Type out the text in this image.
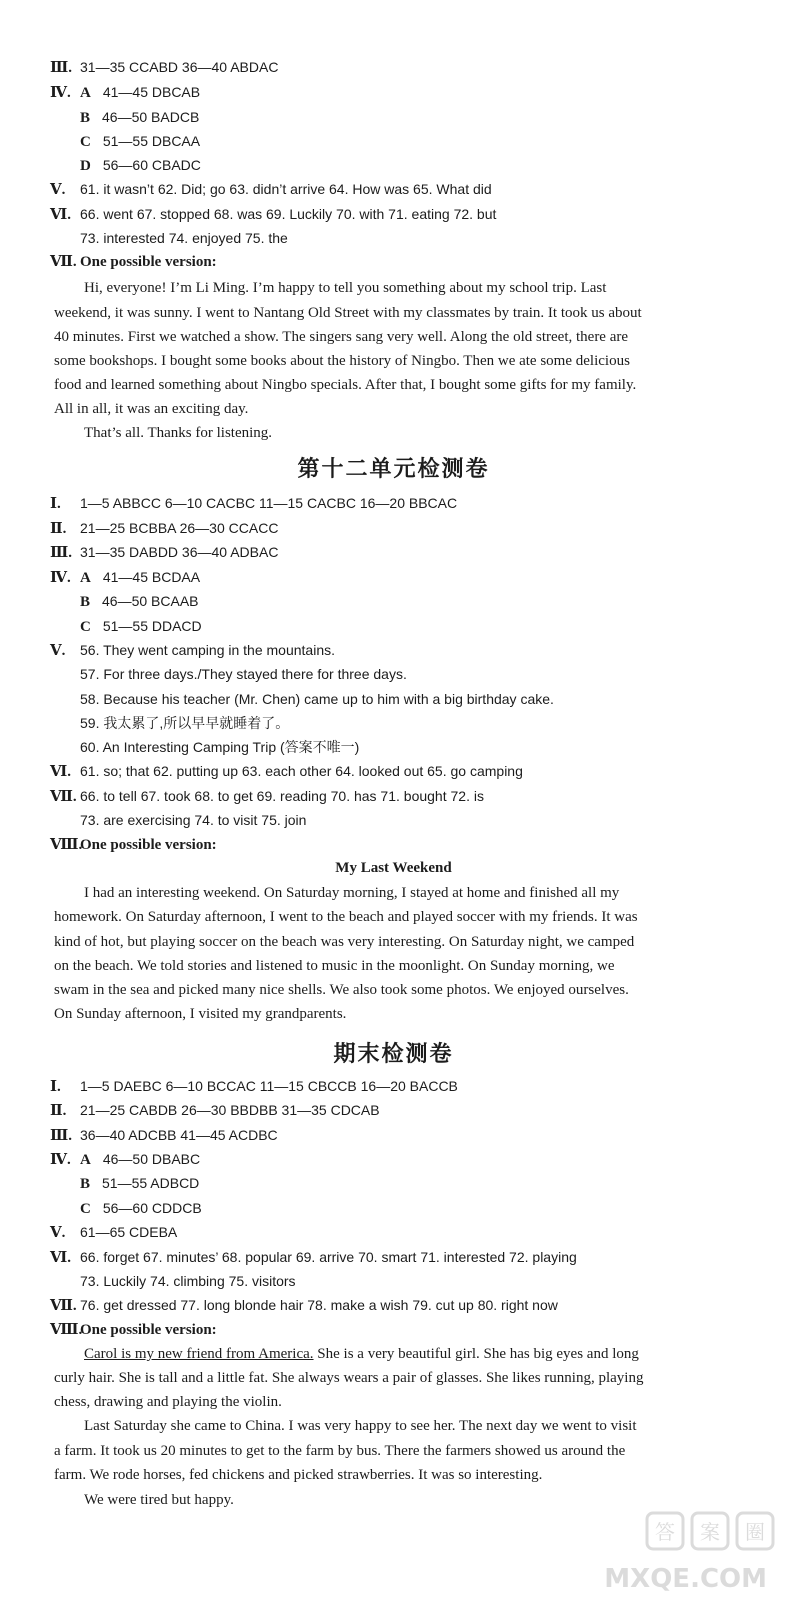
Ⅲ. 31—35 CCABD 36—40 ABDAC
Ⅳ. A 41—45 DBCAB
B 46—50 BADCB
C 51—55 DBCAA
D 56—60 CBADC
Ⅴ. 61. it wasn’t 62. Did; go 63. didn’t arrive 64. How was 65. What did
Ⅵ. 66. went 67. stopped 68. was 69. Luckily 70. with 71. eating 72. but
73. interested 74. enjoyed 75. the
Ⅶ. One possible version:
Hi, everyone! I’m Li Ming. I’m happy to tell you something about my school trip. Last
weekend, it was sunny. I went to Nantang Old Street with my classmates by train. It took us about
40 minutes. First we watched a show. The singers sang very well. Along the old street, there are
some bookshops. I bought some books about the history of Ningbo. Then we ate some delicious
food and learned something about Ningbo specials. After that, I bought some gifts for my family.
All in all, it was an exciting day.
That’s all. Thanks for listening.
第十二单元检测卷
Ⅰ. 1—5 ABBCC 6—10 CACBC 11—15 CACBC 16—20 BBCAC
Ⅱ. 21—25 BCBBA 26—30 CCACC
Ⅲ. 31—35 DABDD 36—40 ADBAC
Ⅳ. A 41—45 BCDAA
B 46—50 BCAAB
C 51—55 DDACD
Ⅴ. 56. They went camping in the mountains.
57. For three days./They stayed there for three days.
58. Because his teacher (Mr. Chen) came up to him with a big birthday cake.
59. 我太累了,所以早早就睡着了。
60. An Interesting Camping Trip (答案不唯一)
Ⅵ. 61. so; that 62. putting up 63. each other 64. looked out 65. go camping
Ⅶ. 66. to tell 67. took 68. to get 69. reading 70. has 71. bought 72. is
73. are exercising 74. to visit 75. join
Ⅷ.One possible version:
My Last Weekend
I had an interesting weekend. On Saturday morning, I stayed at home and finished all my
homework. On Saturday afternoon, I went to the beach and played soccer with my friends. It was
kind of hot, but playing soccer on the beach was very interesting. On Saturday night, we camped
on the beach. We told stories and listened to music in the moonlight. On Sunday morning, we
swam in the sea and picked many nice shells. We also took some photos. We enjoyed ourselves.
On Sunday afternoon, I visited my grandparents.
期末检测卷
Ⅰ. 1—5 DAEBC 6—10 BCCAC 11—15 CBCCB 16—20 BACCB
Ⅱ. 21—25 CABDB 26—30 BBDBB 31—35 CDCAB
Ⅲ. 36—40 ADCBB 41—45 ACDBC
Ⅳ. A 46—50 DBABC
B 51—55 ADBCD
C 56—60 CDDCB
Ⅴ. 61—65 CDEBA
Ⅵ. 66. forget 67. minutes’ 68. popular 69. arrive 70. smart 71. interested 72. playing
73. Luckily 74. climbing 75. visitors
Ⅶ. 76. get dressed 77. long blonde hair 78. make a wish 79. cut up 80. right now
Ⅷ.One possible version:
Carol is my new friend from America. She is a very beautiful girl. She has big eyes and long
curly hair. She is tall and a little fat. She always wears a pair of glasses. She likes running, playing
chess, drawing and playing the violin.
Last Saturday she came to China. I was very happy to see her. The next day we went to visit
a farm. It took us 20 minutes to get to the farm by bus. There the farmers showed us around the
farm. We rode horses, fed chickens and picked strawberries. It was so interesting.
We were tired but happy.
答 案 圈
MXQE.COM
